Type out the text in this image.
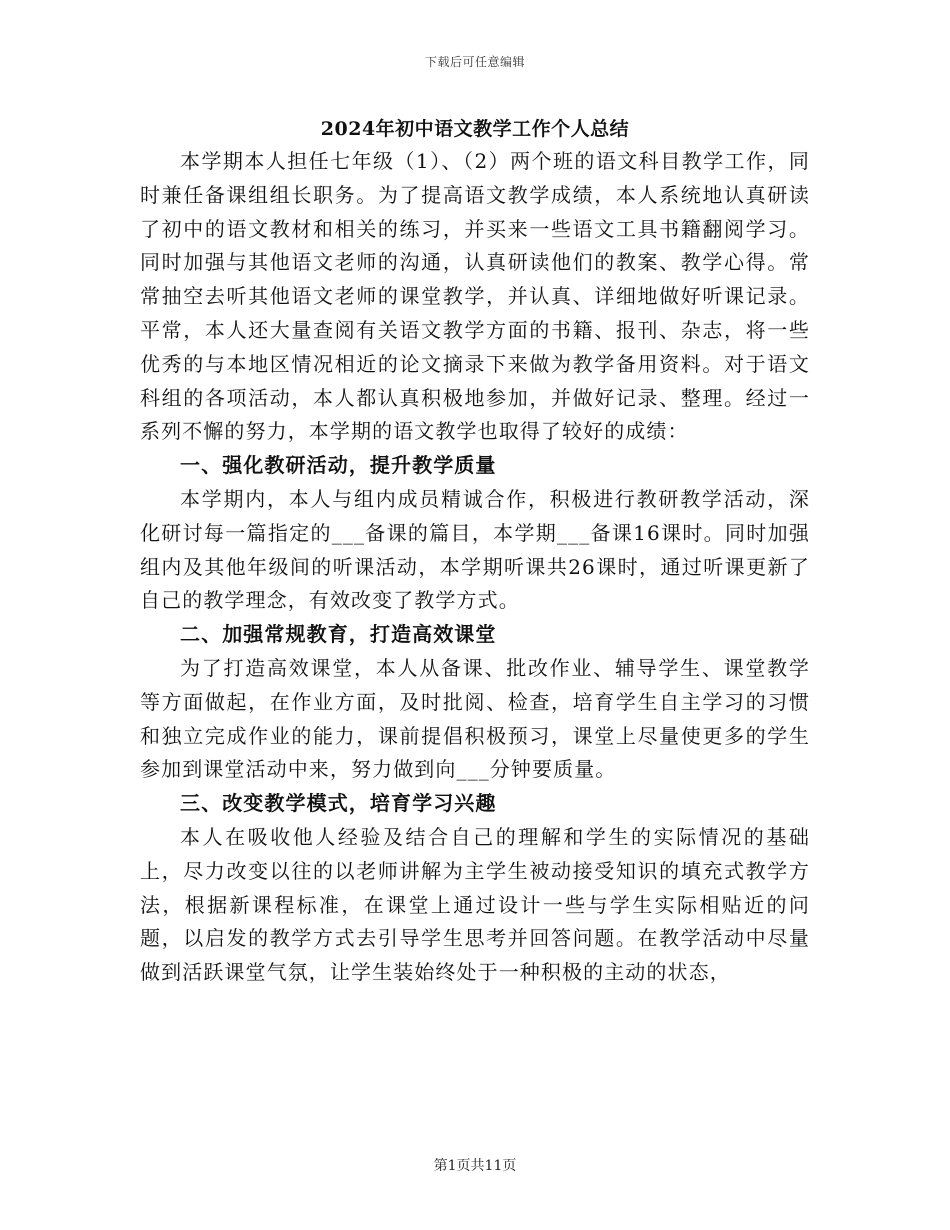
下载后可任意编辑
2024年初中语文教学工作个人总结

本学期本人担任七年级（1）、（2）两个班的语文科目教学工作，同时兼任备课组组长职务。为了提高语文教学成绩，本人系统地认真研读了初中的语文教材和相关的练习，并买来一些语文工具书籍翻阅学习。同时加强与其他语文老师的沟通，认真研读他们的教案、教学心得。常常抽空去听其他语文老师的课堂教学，并认真、详细地做好听课记录。平常，本人还大量查阅有关语文教学方面的书籍、报刊、杂志，将一些优秀的与本地区情况相近的论文摘录下来做为教学备用资料。对于语文科组的各项活动，本人都认真积极地参加，并做好记录、整理。经过一系列不懈的努力，本学期的语文教学也取得了较好的成绩：

一、强化教研活动，提升教学质量

本学期内，本人与组内成员精诚合作，积极进行教研教学活动，深化研讨每一篇指定的___备课的篇目，本学期___备课16课时。同时加强组内及其他年级间的听课活动，本学期听课共26课时，通过听课更新了自己的教学理念，有效改变了教学方式。

二、加强常规教育，打造高效课堂

为了打造高效课堂，本人从备课、批改作业、辅导学生、课堂教学等方面做起，在作业方面，及时批阅、检查，培育学生自主学习的习惯和独立完成作业的能力，课前提倡积极预习，课堂上尽量使更多的学生参加到课堂活动中来，努力做到向___分钟要质量。

三、改变教学模式，培育学习兴趣

本人在吸收他人经验及结合自己的理解和学生的实际情况的基础上，尽力改变以往的以老师讲解为主学生被动接受知识的填充式教学方法，根据新课程标准，在课堂上通过设计一些与学生实际相贴近的问题，以启发的教学方式去引导学生思考并回答问题。在教学活动中尽量做到活跃课堂气氛，让学生装始终处于一种积极的主动的状态，

第1页共11页
